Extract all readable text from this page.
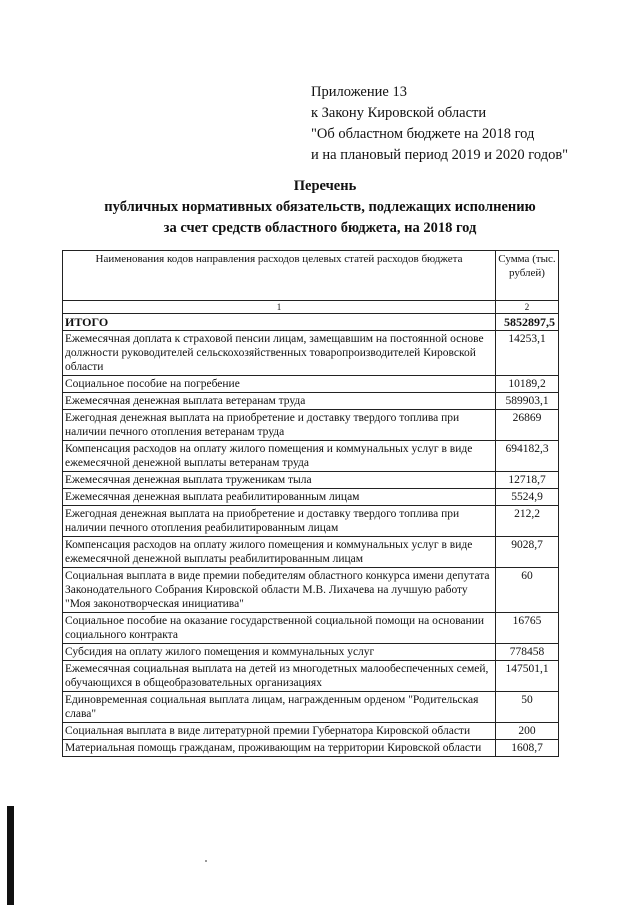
Приложение 13
к Закону Кировской области
"Об областном бюджете на 2018 год
и на плановый период 2019 и 2020 годов"
Перечень
публичных нормативных обязательств, подлежащих исполнению
за счет средств областного бюджета, на 2018 год
Наименования кодов направления расходов целевых статей расходов бюджета	Сумма (тыс. рублей)
1	2
ИТОГО	5852897,5
Ежемесячная доплата к страховой пенсии лицам, замещавшим на постоянной основе должности руководителей сельскохозяйственных товаропроизводителей Кировской области	14253,1
Социальное пособие на погребение	10189,2
Ежемесячная денежная выплата ветеранам труда	589903,1
Ежегодная денежная выплата на приобретение и доставку твердого топлива при наличии печного отопления ветеранам труда	26869
Компенсация расходов на оплату жилого помещения и коммунальных услуг в виде ежемесячной денежной выплаты ветеранам труда	694182,3
Ежемесячная денежная выплата труженикам тыла	12718,7
Ежемесячная денежная выплата реабилитированным лицам	5524,9
Ежегодная денежная выплата на приобретение и доставку твердого топлива при наличии печного отопления реабилитированным лицам	212,2
Компенсация расходов на оплату жилого помещения и коммунальных услуг в виде ежемесячной денежной выплаты реабилитированным лицам	9028,7
Социальная выплата в виде премии победителям областного конкурса имени депутата Законодательного Собрания Кировской области М.В. Лихачева на лучшую работу "Моя законотворческая инициатива"	60
Социальное пособие на оказание государственной социальной помощи на основании социального контракта	16765
Субсидия на оплату жилого помещения и коммунальных услуг	778458
Ежемесячная социальная выплата на детей из многодетных малообеспеченных семей, обучающихся в общеобразовательных организациях	147501,1
Единовременная социальная выплата лицам, награжденным орденом "Родительская слава"	50
Социальная выплата в виде литературной премии Губернатора Кировской области	200
Материальная помощь гражданам, проживающим на территории Кировской области	1608,7
